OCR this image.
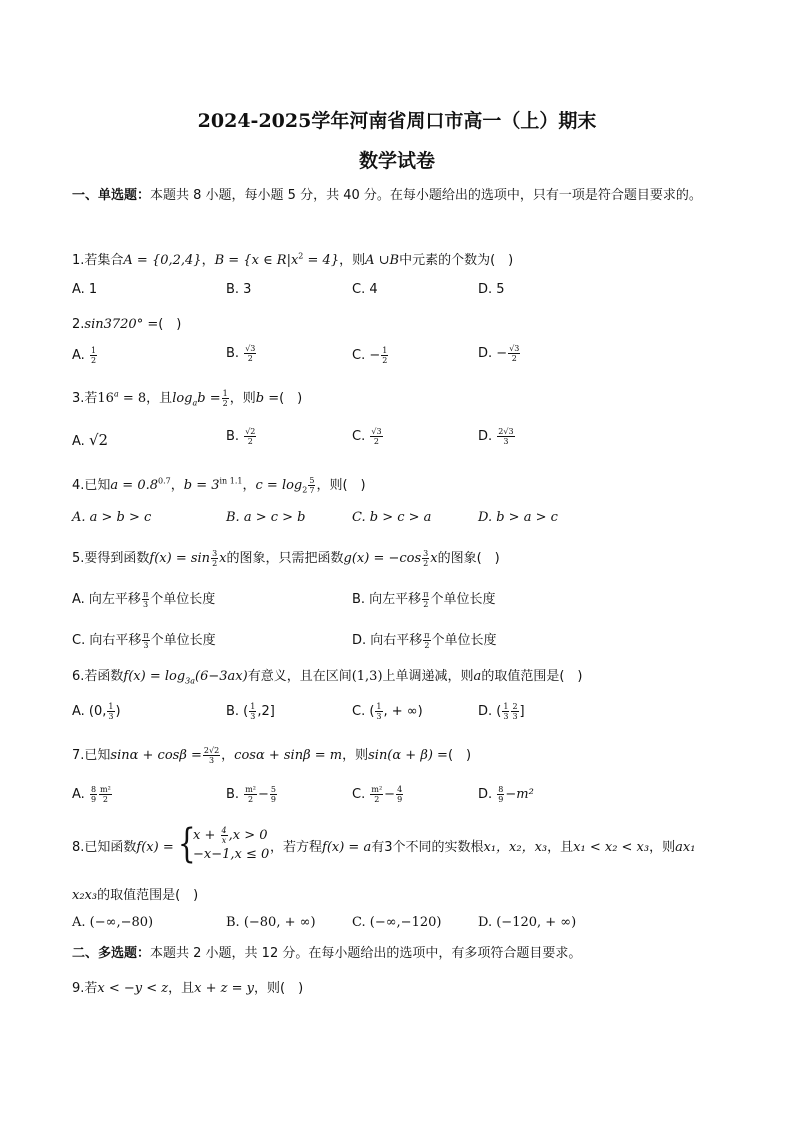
2024-2025学年河南省周口市高一（上）期末
数学试卷
一、单选题：本题共 8 小题，每小题 5 分，共 40 分。在每小题给出的选项中，只有一项是符合题目要求的。
1.若集合A = {0,2,4}，B = {x ∈ $R|x^2 = 4$}，则A ∪B中元素的个数为(　)
A. 1	B. 3	C. 4	D. 5
2.sin3720° =(　)
A. $\frac{1}{2}$	B. $\frac{√3}{2}$	C. − $\frac{1}{2}$	D. − $\frac{√3}{2}$
3.若$16^a = 8$，且$\log_ab = \frac{1}{2}$ ，则b =(　)
A. √2	B. $\frac{√2}{2}$	C. $\frac{√3}{2}$	D. $\frac{2√3}{3}$
4.已知$a = 0.8^{0.7}$，$b = 3^{in 1.1}$，$c = \log_2 \frac{5}{7}$ ，则(　)
A. a > b > c	B. a > c > b	C. b > c > a	D. b > a > c
5.要得到函数$f(x) = \sin \frac{3}{2}$ x的图象，只需把函数$g(x) = -\cos \frac{3}{2}$ x的图象(　)
A. 向左平移 $\frac{\pi}{3}$ 个单位长度	B. 向左平移 $\frac{\pi}{2}$ 个单位长度
C. 向右平移 $\frac{\pi}{3}$ 个单位长度	D. 向右平移 $\frac{\pi}{2}$ 个单位长度
6.若函数$f(x) = \log_{3a}(6-3ax)$有意义，且在区间(1,3)上单调递减，则a的取值范围是(　)
A. (0, $\frac{1}{3}$ )	B. ( $\frac{1}{3} ,2$]	C. ( $\frac{1}{3}$ , + ∞)	D. ( $\frac{1}{3} \frac{2}{3}$ ]
7.已知$\sin\alpha + \cos\beta = \frac{2√2}{3}$ ，cosα + sinβ = m，则sin(α + β) =(　)
A. $\frac{8}{9} \frac{\text{m²}}{2}$	B. $\frac{\text{m²}}{2} - \frac{5}{9}$	C. $\frac{\text{m²}}{2} - \frac{4}{9}$	D. $\frac{8}{9} -m^2$
8.已知函数f(x) = {
$x + \frac{4}{x} ,x > 0$
−x−1,x ≤ 0 ，若方程f(x) = a有3个不同的实数根x₁，x₂，x₃，且x₁ < x₂ < x₃，则ax₁
x₂x₃的取值范围是(　)
A. (−∞,−80)	B. (−80, + ∞)	C. (−∞,−120)	D. (−120, + ∞)
二、多选题：本题共 2 小题，共 12 分。在每小题给出的选项中，有多项符合题目要求。
9.若x < −y < z，且x + z = y，则(　)
